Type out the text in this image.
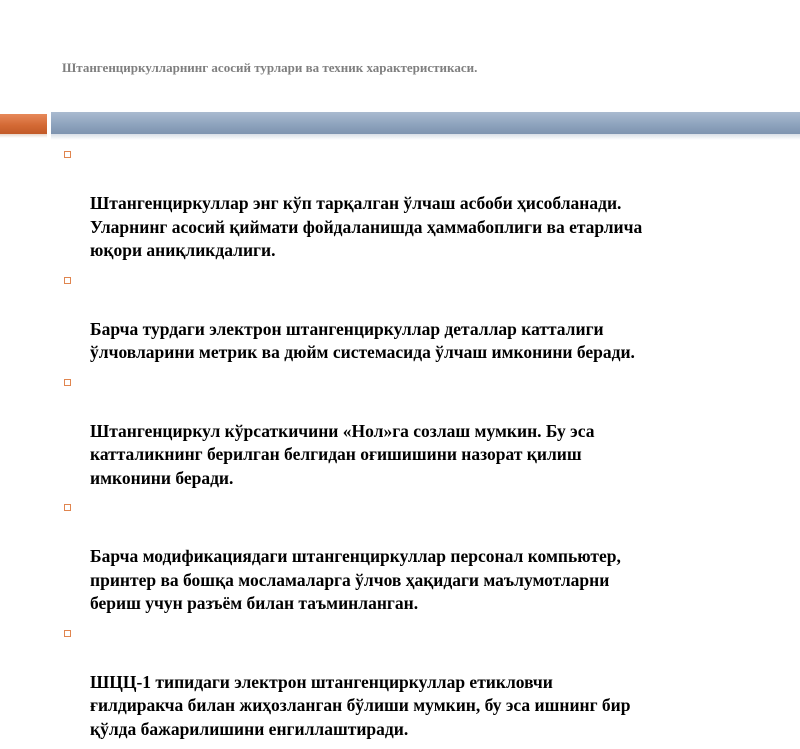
Штангенциркулларнинг асосий турлари ва техник характеристикаси.

Штангенциркуллар энг кўп тарқалган ўлчаш асбоби ҳисобланади.
Уларнинг асосий қиймати фойдаланишда ҳаммабоплиги ва етарлича
юқори аниқликдалиги.

Барча турдаги электрон штангенциркуллар деталлар катталиги
ўлчовларини метрик ва дюйм системасида ўлчаш имконини беради.

Штангенциркул кўрсаткичини «Нол»га созлаш мумкин. Бу эса
катталикнинг берилган белгидан оғишишини назорат қилиш
имконини беради.

Барча модификациядаги штангенциркуллар персонал компьютер,
принтер ва бошқа мосламаларга ўлчов ҳақидаги маълумотларни
бериш учун разъём билан таъминланган.

ШЦЦ-1 типидаги электрон штангенциркуллар етикловчи
ғилдиракча билан жиҳозланган бўлиши мумкин, бу эса ишнинг бир
қўлда бажарилишини енгиллаштиради.
